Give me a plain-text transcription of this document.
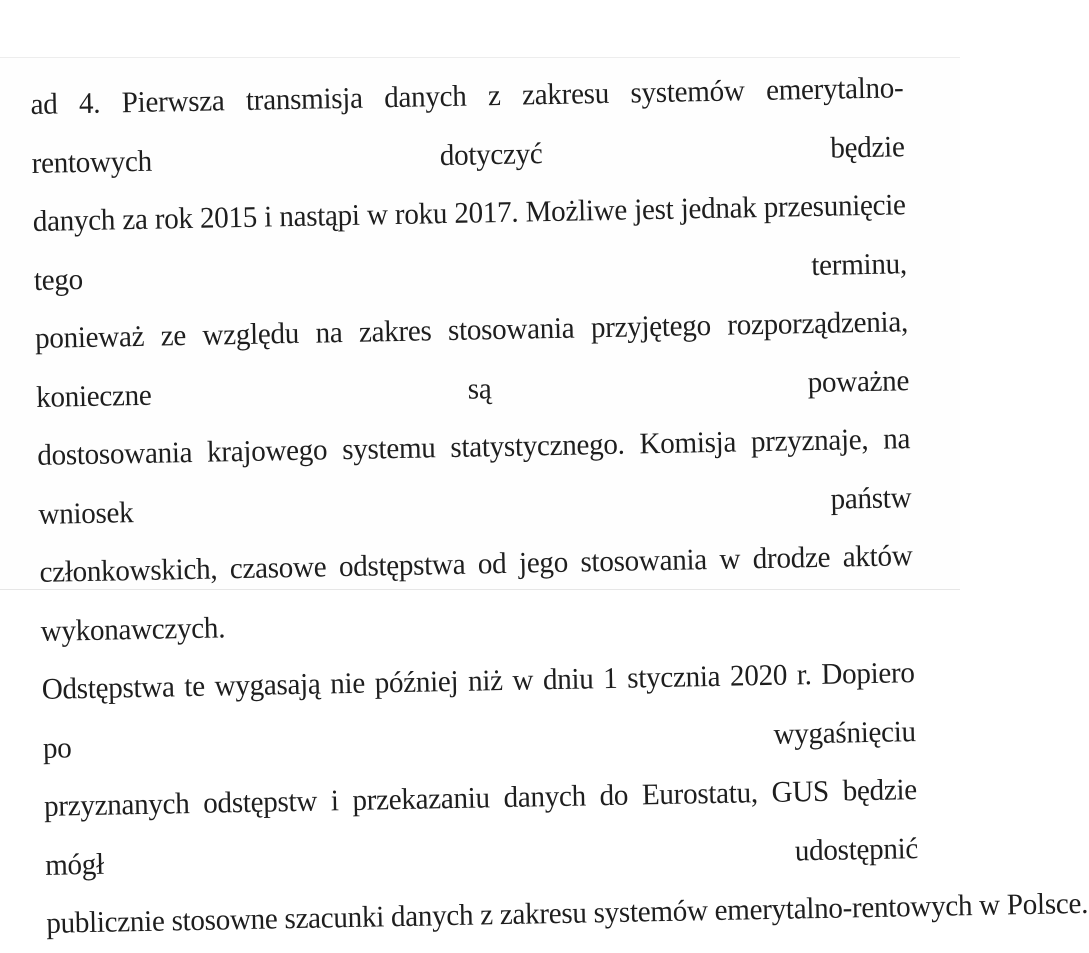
ad 4. Pierwsza transmisja danych z zakresu systemów emerytalno-rentowych dotyczyć będzie
danych za rok 2015 i nastąpi w roku 2017. Możliwe jest jednak przesunięcie tego terminu,
ponieważ ze względu na zakres stosowania przyjętego rozporządzenia, konieczne są poważne
dostosowania krajowego systemu statystycznego. Komisja przyznaje, na wniosek państw
członkowskich, czasowe odstępstwa od jego stosowania w drodze aktów wykonawczych.
Odstępstwa te wygasają nie później niż w dniu 1 stycznia 2020 r. Dopiero po wygaśnięciu
przyznanych odstępstw i przekazaniu danych do Eurostatu, GUS będzie mógł udostępnić
publicznie stosowne szacunki danych z zakresu systemów emerytalno-rentowych w Polsce.
